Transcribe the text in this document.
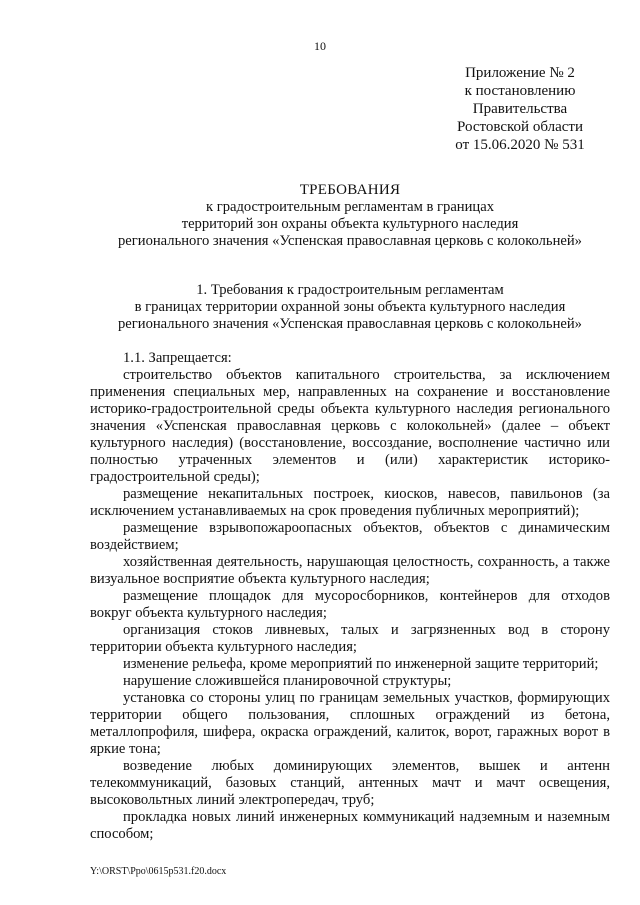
10
Приложение № 2
к постановлению
Правительства
Ростовской области
от 15.06.2020 № 531
ТРЕБОВАНИЯ
к градостроительным регламентам в границах
территорий зон охраны объекта культурного наследия
регионального значения «Успенская православная церковь с колокольней»
1. Требования к градостроительным регламентам
в границах территории охранной зоны объекта культурного наследия
регионального значения «Успенская православная церковь с колокольней»

1.1. Запрещается:

строительство объектов капитального строительства, за исключением применения специальных мер, направленных на сохранение и восстановление историко-градостроительной среды объекта культурного наследия регионального значения «Успенская православная церковь с колокольней» (далее – объект культурного наследия) (восстановление, воссоздание, восполнение частично или полностью утраченных элементов и (или) характеристик историко-градостроительной среды);

размещение некапитальных построек, киосков, навесов, павильонов (за исключением устанавливаемых на срок проведения публичных мероприятий);

размещение взрывопожароопасных объектов, объектов с динамическим воздействием;

хозяйственная деятельность, нарушающая целостность, сохранность, а также визуальное восприятие объекта культурного наследия;

размещение площадок для мусоросборников, контейнеров для отходов вокруг объекта культурного наследия;

организация стоков ливневых, талых и загрязненных вод в сторону территории объекта культурного наследия;

изменение рельефа, кроме мероприятий по инженерной защите территорий;

нарушение сложившейся планировочной структуры;

установка со стороны улиц по границам земельных участков, формирующих территории общего пользования, сплошных ограждений из бетона, металлопрофиля, шифера, окраска ограждений, калиток, ворот, гаражных ворот в яркие тона;

возведение любых доминирующих элементов, вышек и антенн телекоммуникаций, базовых станций, антенных мачт и мачт освещения, высоковольтных линий электропередач, труб;

прокладка новых линий инженерных коммуникаций надземным и наземным способом;

Y:\ORST\Ppo\0615p531.f20.docx
